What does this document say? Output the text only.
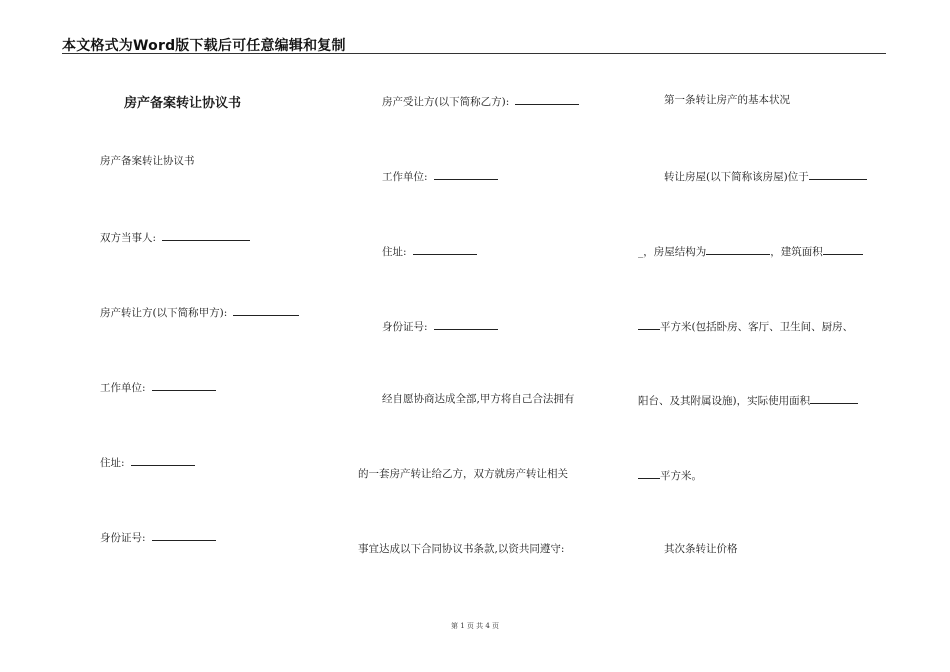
本文格式为Word版下载后可任意编辑和复制
房产备案转让协议书
房产备案转让协议书
双方当事人:
房产转让方(以下简称甲方):
工作单位:
住址:
身份证号:
房产受让方(以下简称乙方):
工作单位:
住址:
身份证号:
经自愿协商达成全部,甲方将自己合法拥有
的一套房产转让给乙方，双方就房产转让相关
事宜达成以下合同协议书条款,以资共同遵守:
第一条转让房产的基本状况
转让房屋(以下简称该房屋)位于
_，房屋结构为	，建筑面积
平方米(包括卧房、客厅、卫生间、厨房、
阳台、及其附属设施)，实际使用面积
平方米。
其次条转让价格
第 1 页 共 4 页
